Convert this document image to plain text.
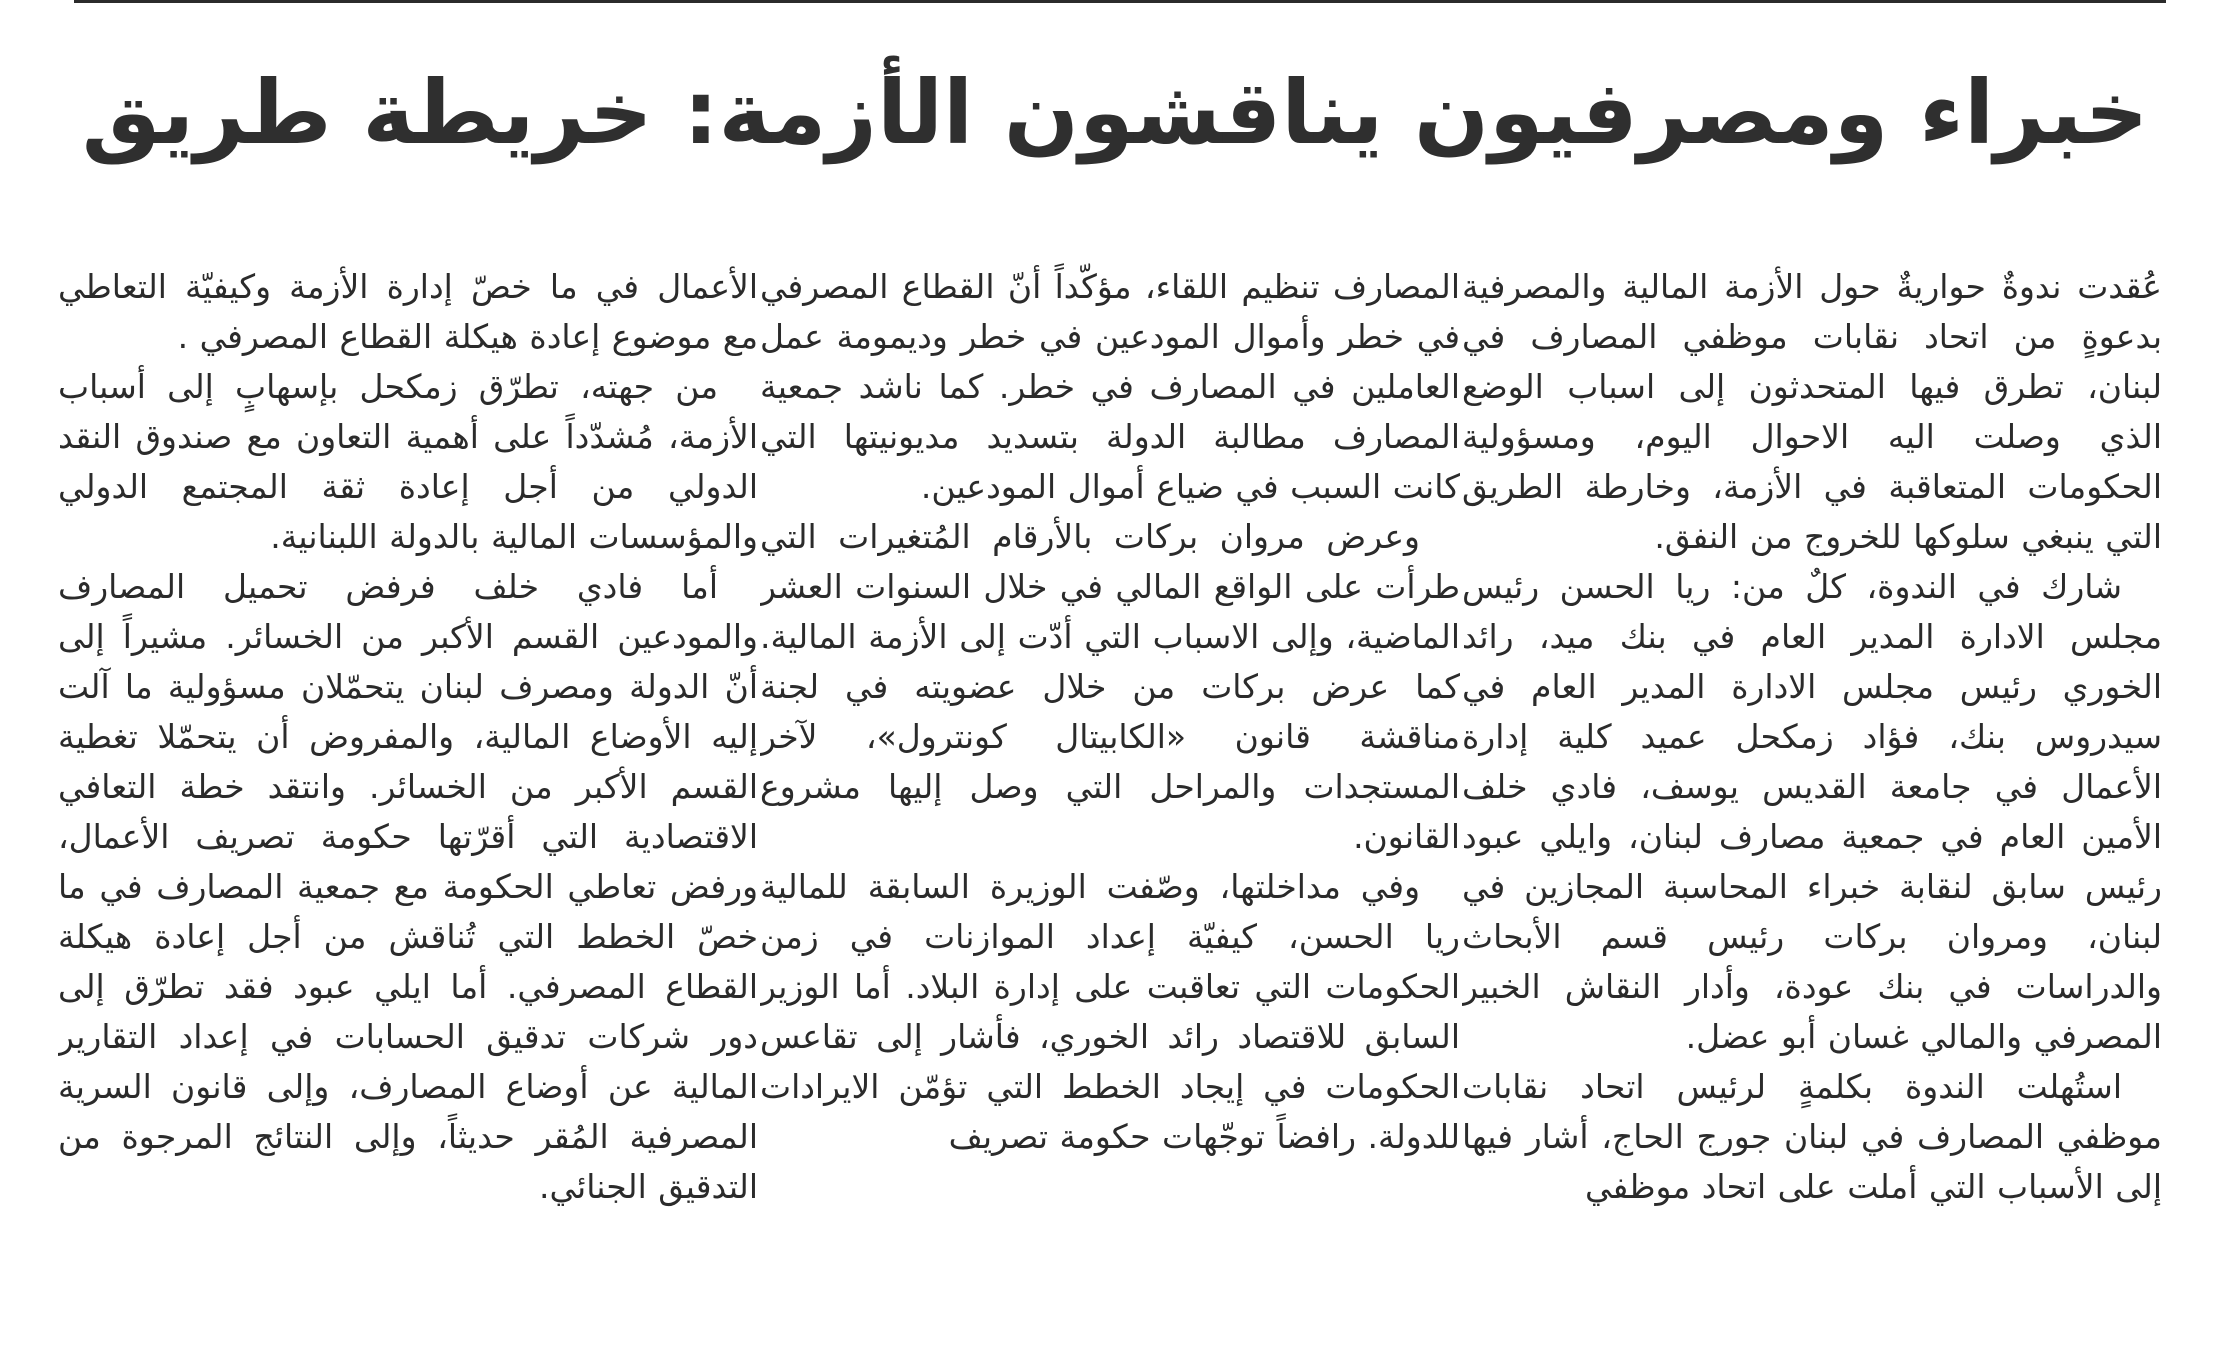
خبراء ومصرفيون يناقشون الأزمة: خريطة طريق

عُقدت ندوةٌ حواريةٌ حول الأزمة المالية والمصرفية بدعوةٍ من اتحاد نقابات موظفي المصارف في لبنان، تطرق فيها المتحدثون إلى اسباب الوضع الذي وصلت اليه الاحوال اليوم، ومسؤولية الحكومات المتعاقبة في الأزمة، وخارطة الطريق التي ينبغي سلوكها للخروج من النفق.

شارك في الندوة، كلٌ من: ريا الحسن رئيس مجلس الادارة المدير العام في بنك ميد، رائد الخوري رئيس مجلس الادارة المدير العام في سيدروس بنك، فؤاد زمكحل عميد كلية إدارة الأعمال في جامعة القديس يوسف، فادي خلف الأمين العام في جمعية مصارف لبنان، وايلي عبود رئيس سابق لنقابة خبراء المحاسبة المجازين في لبنان، ومروان بركات رئيس قسم الأبحاث والدراسات في بنك عودة، وأدار النقاش الخبير المصرفي والمالي غسان أبو عضل.

استُهلت الندوة بكلمةٍ لرئيس اتحاد نقابات موظفي المصارف في لبنان جورج الحاج، أشار فيها إلى الأسباب التي أملت على اتحاد موظفي

المصارف تنظيم اللقاء، مؤكّداً أنّ القطاع المصرفي في خطر وأموال المودعين في خطر وديمومة عمل العاملين في المصارف في خطر. كما ناشد جمعية المصارف مطالبة الدولة بتسديد مديونيتها التي كانت السبب في ضياع أموال المودعين.

وعرض مروان بركات بالأرقام المُتغيرات التي طرأت على الواقع المالي في خلال السنوات العشر الماضية، وإلى الاسباب التي أدّت إلى الأزمة المالية. كما عرض بركات من خلال عضويته في لجنة مناقشة قانون «الكابيتال كونترول»، لآخر المستجدات والمراحل التي وصل إليها مشروع القانون.

وفي مداخلتها، وصّفت الوزيرة السابقة للمالية ريا الحسن، كيفيّة إعداد الموازنات في زمن الحكومات التي تعاقبت على إدارة البلاد. أما الوزير السابق للاقتصاد رائد الخوري، فأشار إلى تقاعس الحكومات في إيجاد الخطط التي تؤمّن الايرادات للدولة. رافضاً توجّهات حكومة تصريف

الأعمال في ما خصّ إدارة الأزمة وكيفيّة التعاطي مع موضوع إعادة هيكلة القطاع المصرفي .

من جهته، تطرّق زمكحل بإسهابٍ إلى أسباب الأزمة، مُشدّداً على أهمية التعاون مع صندوق النقد الدولي من أجل إعادة ثقة المجتمع الدولي والمؤسسات المالية بالدولة اللبنانية.

أما فادي خلف فرفض تحميل المصارف والمودعين القسم الأكبر من الخسائر. مشيراً إلى أنّ الدولة ومصرف لبنان يتحمّلان مسؤولية ما آلت إليه الأوضاع المالية، والمفروض أن يتحمّلا تغطية القسم الأكبر من الخسائر. وانتقد خطة التعافي الاقتصادية التي أقرّتها حكومة تصريف الأعمال، ورفض تعاطي الحكومة مع جمعية المصارف في ما خصّ الخطط التي تُناقش من أجل إعادة هيكلة القطاع المصرفي. أما ايلي عبود فقد تطرّق إلى دور شركات تدقيق الحسابات في إعداد التقارير المالية عن أوضاع المصارف، وإلى قانون السرية المصرفية المُقر حديثاً، وإلى النتائج المرجوة من التدقيق الجنائي.
